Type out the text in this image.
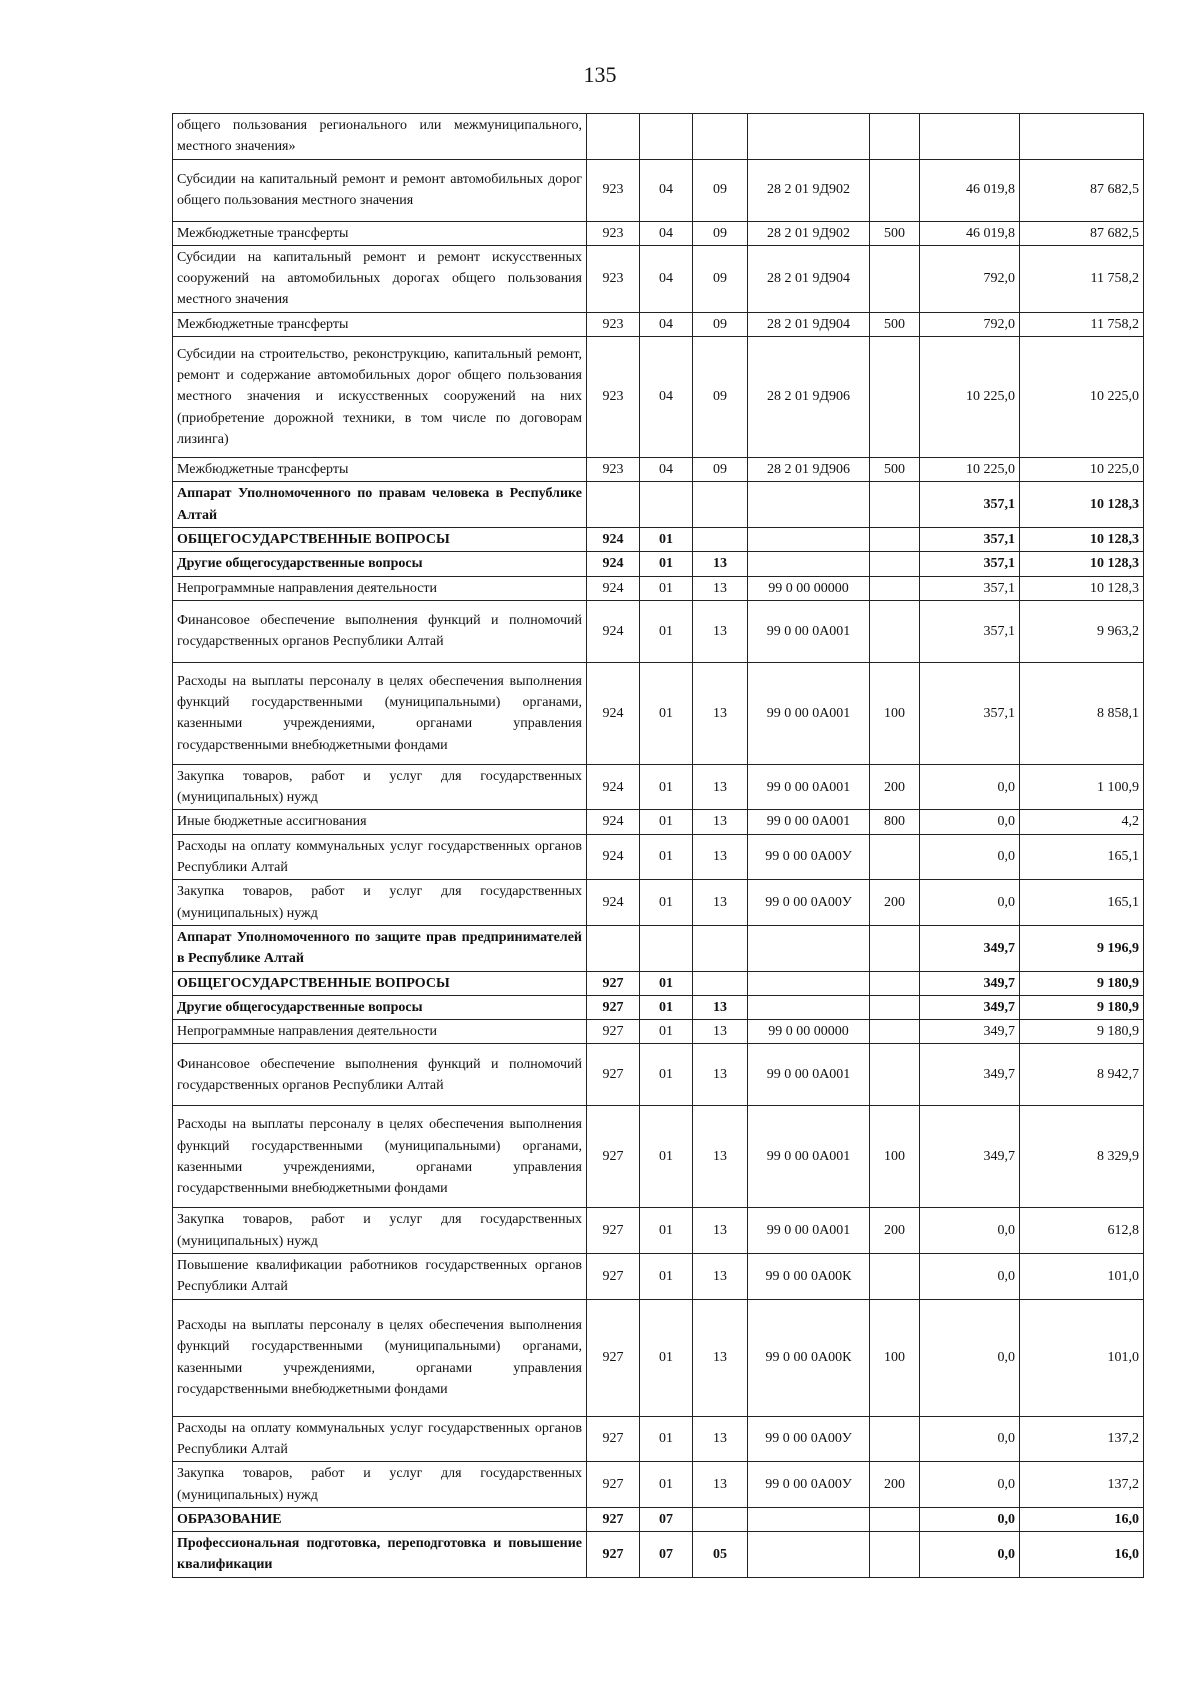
135
общего пользования регионального или межмуниципального, местного значения»							
Субсидии на капитальный ремонт и ремонт автомобильных дорог общего пользования местного значения	923	04	09	28 2 01 9Д902		46 019,8	87 682,5
Межбюджетные трансферты	923	04	09	28 2 01 9Д902	500	46 019,8	87 682,5
Субсидии на капитальный ремонт и ремонт искусственных сооружений на автомобильных дорогах общего пользования местного значения	923	04	09	28 2 01 9Д904		792,0	11 758,2
Межбюджетные трансферты	923	04	09	28 2 01 9Д904	500	792,0	11 758,2
Субсидии на строительство, реконструкцию, капитальный ремонт, ремонт и содержание автомобильных дорог общего пользования местного значения и искусственных сооружений на них (приобретение дорожной техники, в том числе по договорам лизинга)	923	04	09	28 2 01 9Д906		10 225,0	10 225,0
Межбюджетные трансферты	923	04	09	28 2 01 9Д906	500	10 225,0	10 225,0
Аппарат Уполномоченного по правам человека в Республике Алтай						357,1	10 128,3
ОБЩЕГОСУДАРСТВЕННЫЕ ВОПРОСЫ	924	01				357,1	10 128,3
Другие общегосударственные вопросы	924	01	13			357,1	10 128,3
Непрограммные направления деятельности	924	01	13	99 0 00 00000		357,1	10 128,3
Финансовое обеспечение выполнения функций и полномочий государственных органов Республики Алтай	924	01	13	99 0 00 0А001		357,1	9 963,2
Расходы на выплаты персоналу в целях обеспечения выполнения функций государственными (муниципальными) органами, казенными учреждениями, органами управления государственными внебюджетными фондами	924	01	13	99 0 00 0А001	100	357,1	8 858,1
Закупка товаров, работ и услуг для государственных (муниципальных) нужд	924	01	13	99 0 00 0А001	200	0,0	1 100,9
Иные бюджетные ассигнования	924	01	13	99 0 00 0А001	800	0,0	4,2
Расходы на оплату коммунальных услуг государственных органов Республики Алтай	924	01	13	99 0 00 0А00У		0,0	165,1
Закупка товаров, работ и услуг для государственных (муниципальных) нужд	924	01	13	99 0 00 0А00У	200	0,0	165,1
Аппарат Уполномоченного по защите прав предпринимателей в Республике Алтай						349,7	9 196,9
ОБЩЕГОСУДАРСТВЕННЫЕ ВОПРОСЫ	927	01				349,7	9 180,9
Другие общегосударственные вопросы	927	01	13			349,7	9 180,9
Непрограммные направления деятельности	927	01	13	99 0 00 00000		349,7	9 180,9
Финансовое обеспечение выполнения функций и полномочий государственных органов Республики Алтай	927	01	13	99 0 00 0А001		349,7	8 942,7
Расходы на выплаты персоналу в целях обеспечения выполнения функций государственными (муниципальными) органами, казенными учреждениями, органами управления государственными внебюджетными фондами	927	01	13	99 0 00 0А001	100	349,7	8 329,9
Закупка товаров, работ и услуг для государственных (муниципальных) нужд	927	01	13	99 0 00 0А001	200	0,0	612,8
Повышение квалификации работников государственных органов Республики Алтай	927	01	13	99 0 00 0А00К		0,0	101,0
Расходы на выплаты персоналу в целях обеспечения выполнения функций государственными (муниципальными) органами, казенными учреждениями, органами управления государственными внебюджетными фондами	927	01	13	99 0 00 0А00К	100	0,0	101,0
Расходы на оплату коммунальных услуг государственных органов Республики Алтай	927	01	13	99 0 00 0А00У		0,0	137,2
Закупка товаров, работ и услуг для государственных (муниципальных) нужд	927	01	13	99 0 00 0А00У	200	0,0	137,2
ОБРАЗОВАНИЕ	927	07				0,0	16,0
Профессиональная подготовка, переподготовка и повышение квалификации	927	07	05			0,0	16,0
